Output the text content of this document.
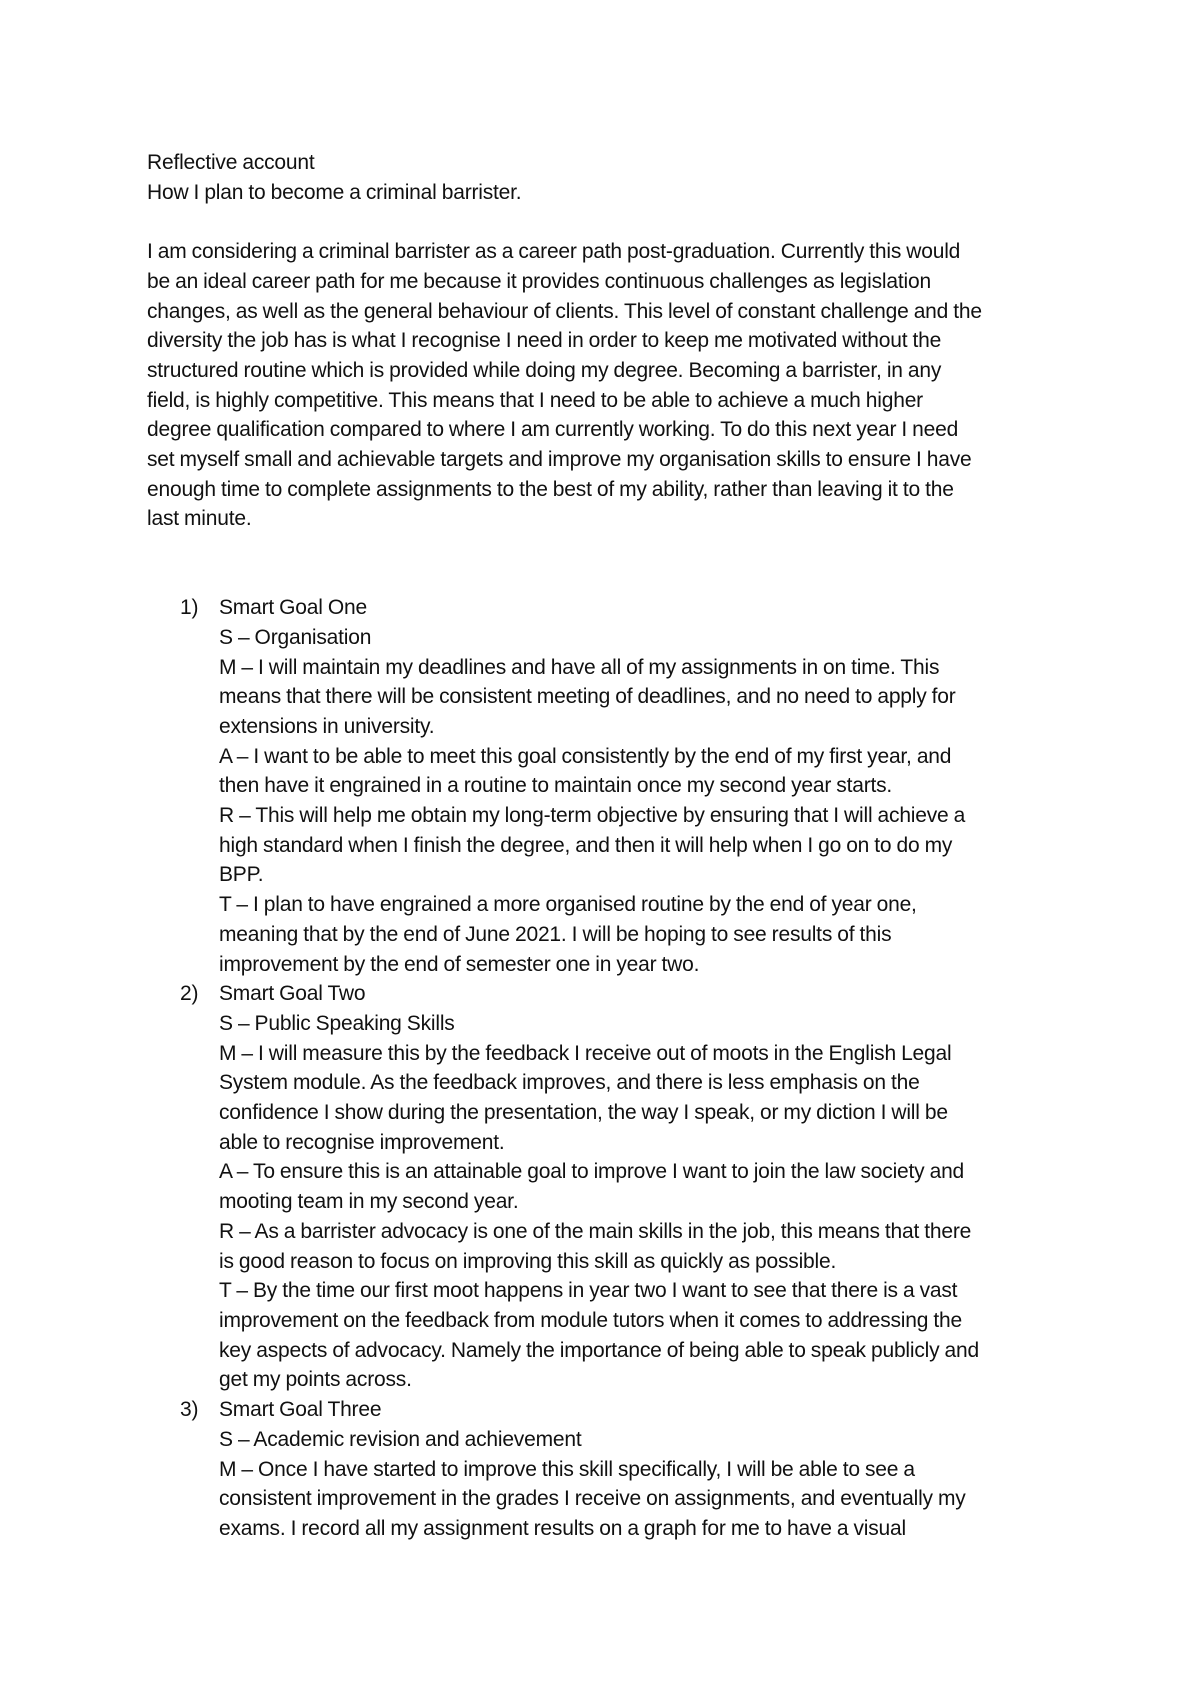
Reflective account
How I plan to become a criminal barrister.
I am considering a criminal barrister as a career path post-graduation. Currently this would
be an ideal career path for me because it provides continuous challenges as legislation
changes, as well as the general behaviour of clients. This level of constant challenge and the
diversity the job has is what I recognise I need in order to keep me motivated without the
structured routine which is provided while doing my degree. Becoming a barrister, in any
field, is highly competitive. This means that I need to be able to achieve a much higher
degree qualification compared to where I am currently working. To do this next year I need
set myself small and achievable targets and improve my organisation skills to ensure I have
enough time to complete assignments to the best of my ability, rather than leaving it to the
last minute.
1) Smart Goal One
S – Organisation
M – I will maintain my deadlines and have all of my assignments in on time. This
means that there will be consistent meeting of deadlines, and no need to apply for
extensions in university.
A – I want to be able to meet this goal consistently by the end of my first year, and
then have it engrained in a routine to maintain once my second year starts.
R – This will help me obtain my long-term objective by ensuring that I will achieve a
high standard when I finish the degree, and then it will help when I go on to do my
BPP.
T – I plan to have engrained a more organised routine by the end of year one,
meaning that by the end of June 2021. I will be hoping to see results of this
improvement by the end of semester one in year two.
2) Smart Goal Two
S – Public Speaking Skills
M – I will measure this by the feedback I receive out of moots in the English Legal
System module. As the feedback improves, and there is less emphasis on the
confidence I show during the presentation, the way I speak, or my diction I will be
able to recognise improvement.
A – To ensure this is an attainable goal to improve I want to join the law society and
mooting team in my second year.
R – As a barrister advocacy is one of the main skills in the job, this means that there
is good reason to focus on improving this skill as quickly as possible.
T – By the time our first moot happens in year two I want to see that there is a vast
improvement on the feedback from module tutors when it comes to addressing the
key aspects of advocacy. Namely the importance of being able to speak publicly and
get my points across.
3) Smart Goal Three
S – Academic revision and achievement
M – Once I have started to improve this skill specifically, I will be able to see a
consistent improvement in the grades I receive on assignments, and eventually my
exams. I record all my assignment results on a graph for me to have a visual
